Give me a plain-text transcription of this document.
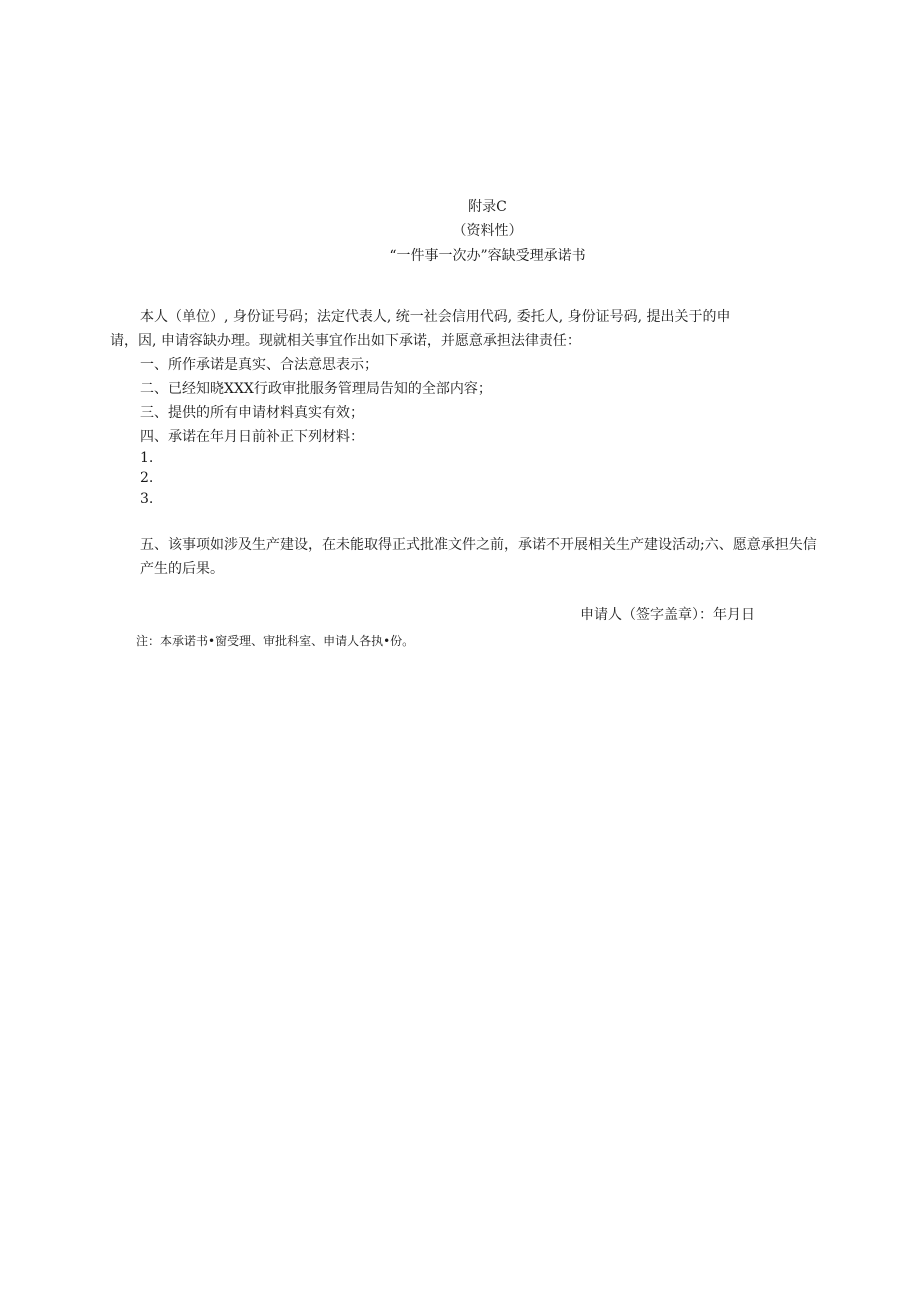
附录C
（资料性）
“一件事一次办”容缺受理承诺书
本人（单位）, 身份证号码；法定代表人, 统一社会信用代码, 委托人, 身份证号码, 提出关于的申
请，因, 申请容缺办理。现就相关事宜作出如下承诺，并愿意承担法律责任：
一、所作承诺是真实、合法意思表示；
二、已经知晓XXX行政审批服务管理局告知的全部内容；
三、提供的所有申请材料真实有效；
四、承诺在年月日前补正下列材料：
1.
2.
3.
五、该事项如涉及生产建设，在未能取得正式批准文件之前，承诺不开展相关生产建设活动;六、愿意承担失信
产生的后果。
申请人（签字盖章）：年月日
注：本承诺书•窗受理、审批科室、申请人各执•份。
